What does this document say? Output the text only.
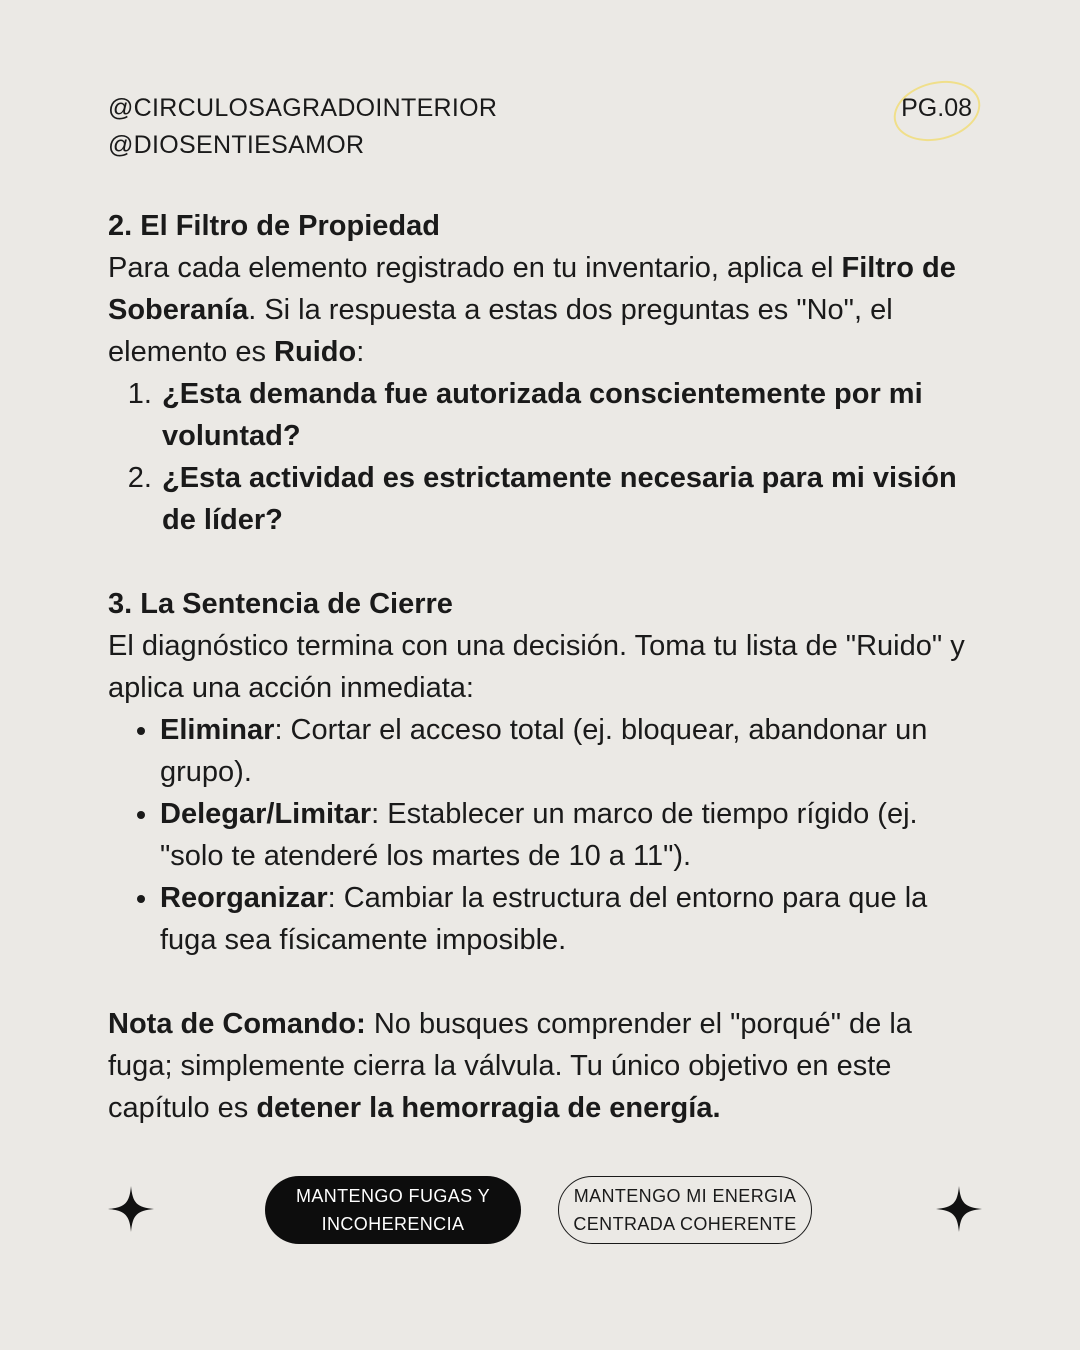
@CIRCULOSAGRADOINTERIOR
@DIOSENTIESAMOR
PG.08
2. El Filtro de Propiedad

Para cada elemento registrado en tu inventario, aplica el Filtro de Soberanía. Si la respuesta a estas dos preguntas es "No", el elemento es Ruido:

1. ¿Esta demanda fue autorizada conscientemente por mi voluntad?
2. ¿Esta actividad es estrictamente necesaria para mi visión de líder?
3. La Sentencia de Cierre

El diagnóstico termina con una decisión. Toma tu lista de "Ruido" y aplica una acción inmediata:

• Eliminar: Cortar el acceso total (ej. bloquear, abandonar un grupo).
• Delegar/Limitar: Establecer un marco de tiempo rígido (ej. "solo te atenderé los martes de 10 a 11").
• Reorganizar: Cambiar la estructura del entorno para que la fuga sea físicamente imposible.

Nota de Comando: No busques comprender el "porqué" de la fuga; simplemente cierra la válvula. Tu único objetivo en este capítulo es detener la hemorragia de energía.

MANTENGO FUGAS Y INCOHERENCIA
MANTENGO MI ENERGIA CENTRADA COHERENTE
